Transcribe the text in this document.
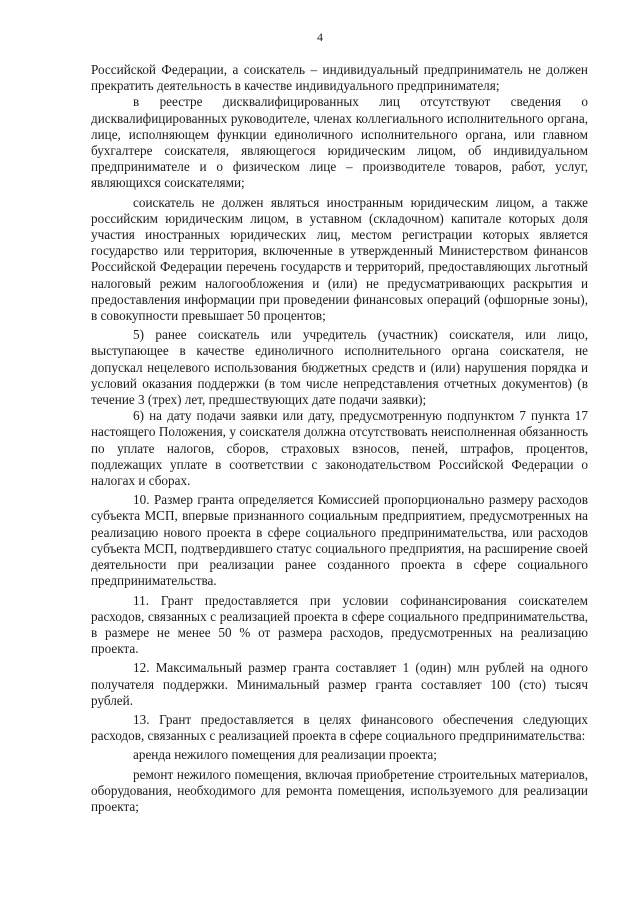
4

Российской Федерации, а соискатель – индивидуальный предприниматель не должен прекратить деятельность в качестве индивидуального предпринимателя;

в реестре дисквалифицированных лиц отсутствуют сведения о дисквалифицированных руководителе, членах коллегиального исполнительного органа, лице, исполняющем функции единоличного исполнительного органа, или главном бухгалтере соискателя, являющегося юридическим лицом, об индивидуальном предпринимателе и о физическом лице – производителе товаров, работ, услуг, являющихся соискателями;

соискатель не должен являться иностранным юридическим лицом, а также российским юридическим лицом, в уставном (складочном) капитале которых доля участия иностранных юридических лиц, местом регистрации которых является государство или территория, включенные в утвержденный Министерством финансов Российской Федерации перечень государств и территорий, предоставляющих льготный налоговый режим налогообложения и (или) не предусматривающих раскрытия и предоставления информации при проведении финансовых операций (офшорные зоны), в совокупности превышает 50 процентов;

5) ранее соискатель или учредитель (участник) соискателя, или лицо, выступающее в качестве единоличного исполнительного органа соискателя, не допускал нецелевого использования бюджетных средств и (или) нарушения порядка и условий оказания поддержки (в том числе непредставления отчетных документов) (в течение 3 (трех) лет, предшествующих дате подачи заявки);

6) на дату подачи заявки или дату, предусмотренную подпунктом 7 пункта 17 настоящего Положения, у соискателя должна отсутствовать неисполненная обязанность по уплате налогов, сборов, страховых взносов, пеней, штрафов, процентов, подлежащих уплате в соответствии с законодательством Российской Федерации о налогах и сборах.

10. Размер гранта определяется Комиссией пропорционально размеру расходов субъекта МСП, впервые признанного социальным предприятием, предусмотренных на реализацию нового проекта в сфере социального предпринимательства, или расходов субъекта МСП, подтвердившего статус социального предприятия, на расширение своей деятельности при реализации ранее созданного проекта в сфере социального предпринимательства.

11. Грант предоставляется при условии софинансирования соискателем расходов, связанных с реализацией проекта в сфере социального предпринимательства, в размере не менее 50 % от размера расходов, предусмотренных на реализацию проекта.

12. Максимальный размер гранта составляет 1 (один) млн рублей на одного получателя поддержки. Минимальный размер гранта составляет 100 (сто) тысяч рублей.

13. Грант предоставляется в целях финансового обеспечения следующих расходов, связанных с реализацией проекта в сфере социального предпринимательства:

аренда нежилого помещения для реализации проекта;

ремонт нежилого помещения, включая приобретение строительных материалов, оборудования, необходимого для ремонта помещения, используемого для реализации проекта;
